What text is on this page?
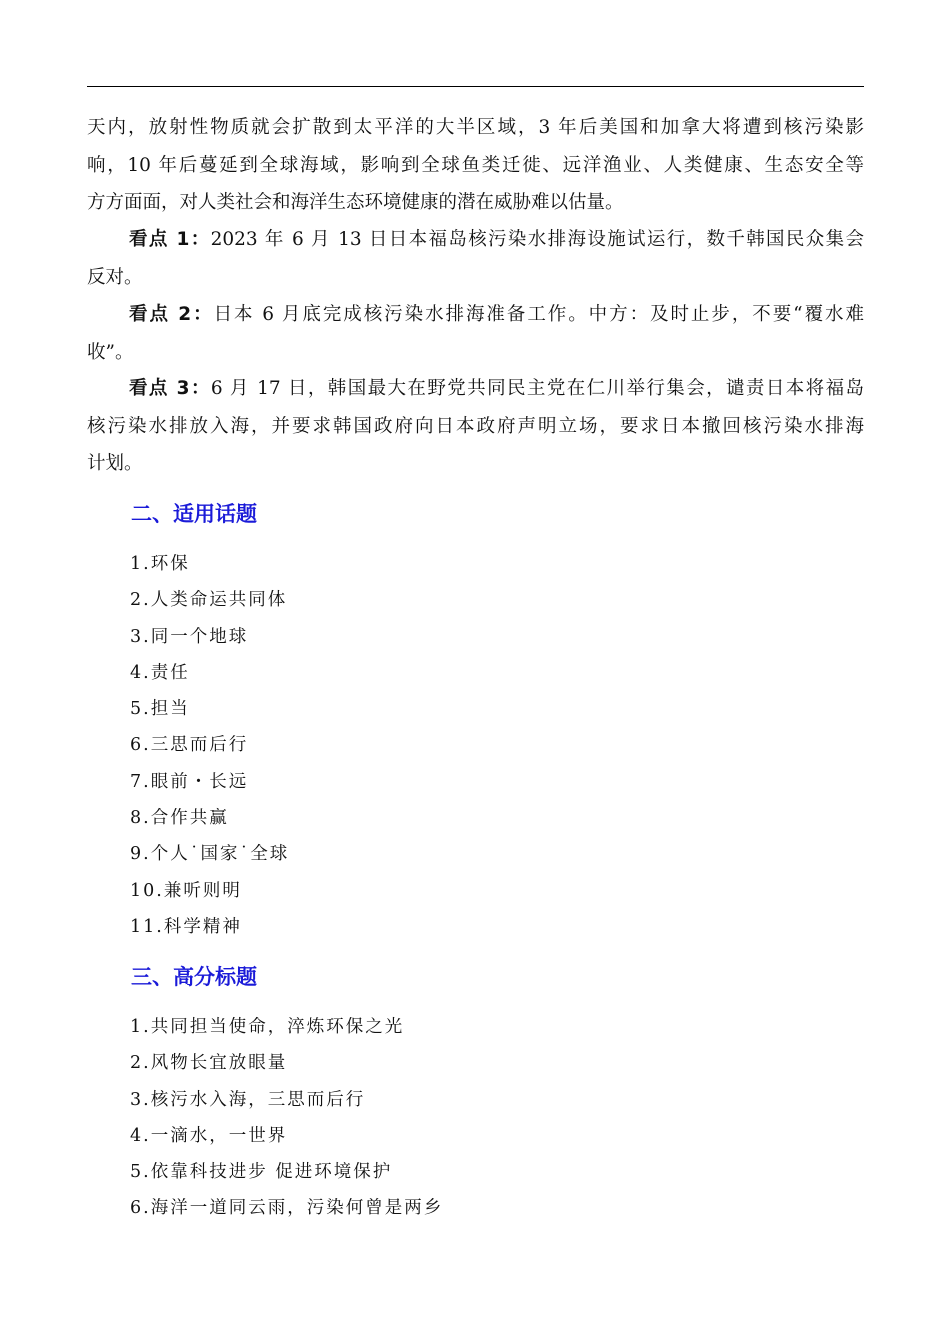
天内，放射性物质就会扩散到太平洋的大半区域，3 年后美国和加拿大将遭到核污染影
响，10 年后蔓延到全球海域，影响到全球鱼类迁徙、远洋渔业、人类健康、生态安全等
方方面面，对人类社会和海洋生态环境健康的潜在威胁难以估量。
看点 1：2023 年 6 月 13 日日本福岛核污染水排海设施试运行，数千韩国民众集会
反对。
看点 2：日本 6 月底完成核污染水排海准备工作。中方：及时止步，不要“覆水难
收”。
看点 3：6 月 17 日，韩国最大在野党共同民主党在仁川举行集会，谴责日本将福岛
核污染水排放入海，并要求韩国政府向日本政府声明立场，要求日本撤回核污染水排海
计划。
二、适用话题
1.环保
2.人类命运共同体
3.同一个地球
4.责任
5.担当
6.三思而后行
7.眼前・长远
8.合作共赢
9.个人˙国家˙全球
10.兼听则明
11.科学精神
三、高分标题
1.共同担当使命，淬炼环保之光
2.风物长宜放眼量
3.核污水入海，三思而后行
4.一滴水，一世界
5.依靠科技进步 促进环境保护
6.海洋一道同云雨，污染何曾是两乡
